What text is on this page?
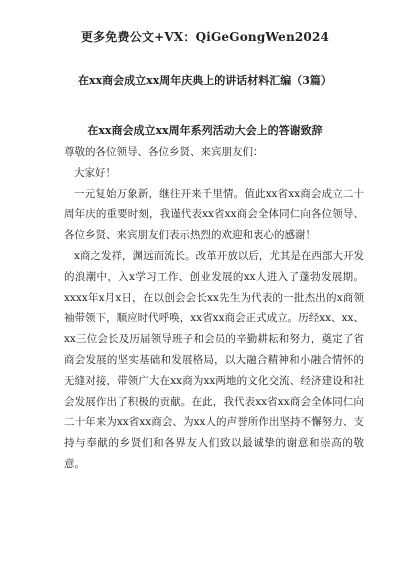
更多免费公文+VX：QiGeGongWen2024
在xx商会成立xx周年庆典上的讲话材料汇编（3篇）
在xx商会成立xx周年系列活动大会上的答谢致辞

尊敬的各位领导、各位乡贤、来宾朋友们：

大家好！

一元复始万象新，继往开来千里情。值此xx省xx商会成立二十周年庆的重要时刻，我谨代表xx省xx商会全体同仁向各位领导、各位乡贤、来宾朋友们表示热烈的欢迎和衷心的感谢！

x商之发祥，渊远而流长。改革开放以后，尤其是在西部大开发的浪潮中，入x学习工作、创业发展的xx人进入了蓬勃发展期。xxxx年x月x日，在以创会会长xx先生为代表的一批杰出的x商领袖带领下，顺应时代呼唤，xx省xx商会正式成立。历经xx、xx、xx三位会长及历届领导班子和会员的辛勤耕耘和努力，奠定了省商会发展的坚实基础和发展格局，以大融合精神和小融合情怀的无缝对接，带领广大在xx商为xx两地的文化交流、经济建设和社会发展作出了积极的贡献。在此，我代表xx省xx商会全体同仁向二十年来为xx省xx商会、为xx人的声誉所作出坚持不懈努力、支持与奉献的乡贤们和各界友人们致以最诚挚的谢意和崇高的敬意。
